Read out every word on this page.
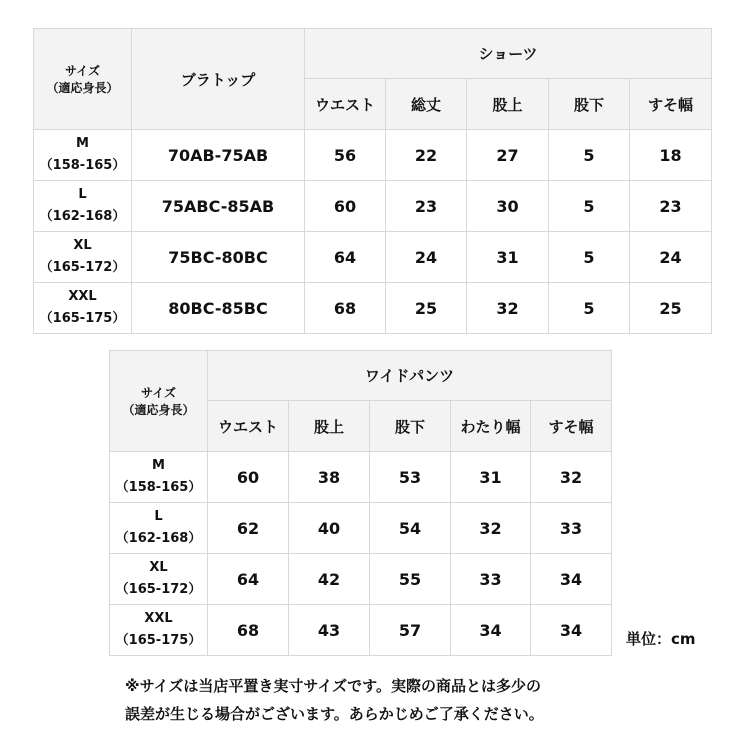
サイズ
（適応身長）	ブラトップ	ショーツ				
		ウエスト	総丈	股上	股下	すそ幅

M
（158-165）	70AB-75AB	56	22	27	5	18

L
（162-168）	75ABC-85AB	60	23	30	5	23

XL
（165-172）	75BC-80BC	64	24	31	5	24

XXL
（165-175）	80BC-85BC	68	25	32	5	25
サイズ
（適応身長）	ワイドパンツ				
	ウエスト	股上	股下	わたり幅	すそ幅

M
（158-165）	60	38	53	31	32

L
（162-168）	62	40	54	32	33

XL
（165-172）	64	42	55	33	34

XXL
（165-175）	68	43	57	34	34	単位：cm
※サイズは当店平置き実寸サイズです。実際の商品とは多少の
誤差が生じる場合がございます。あらかじめご了承ください。
